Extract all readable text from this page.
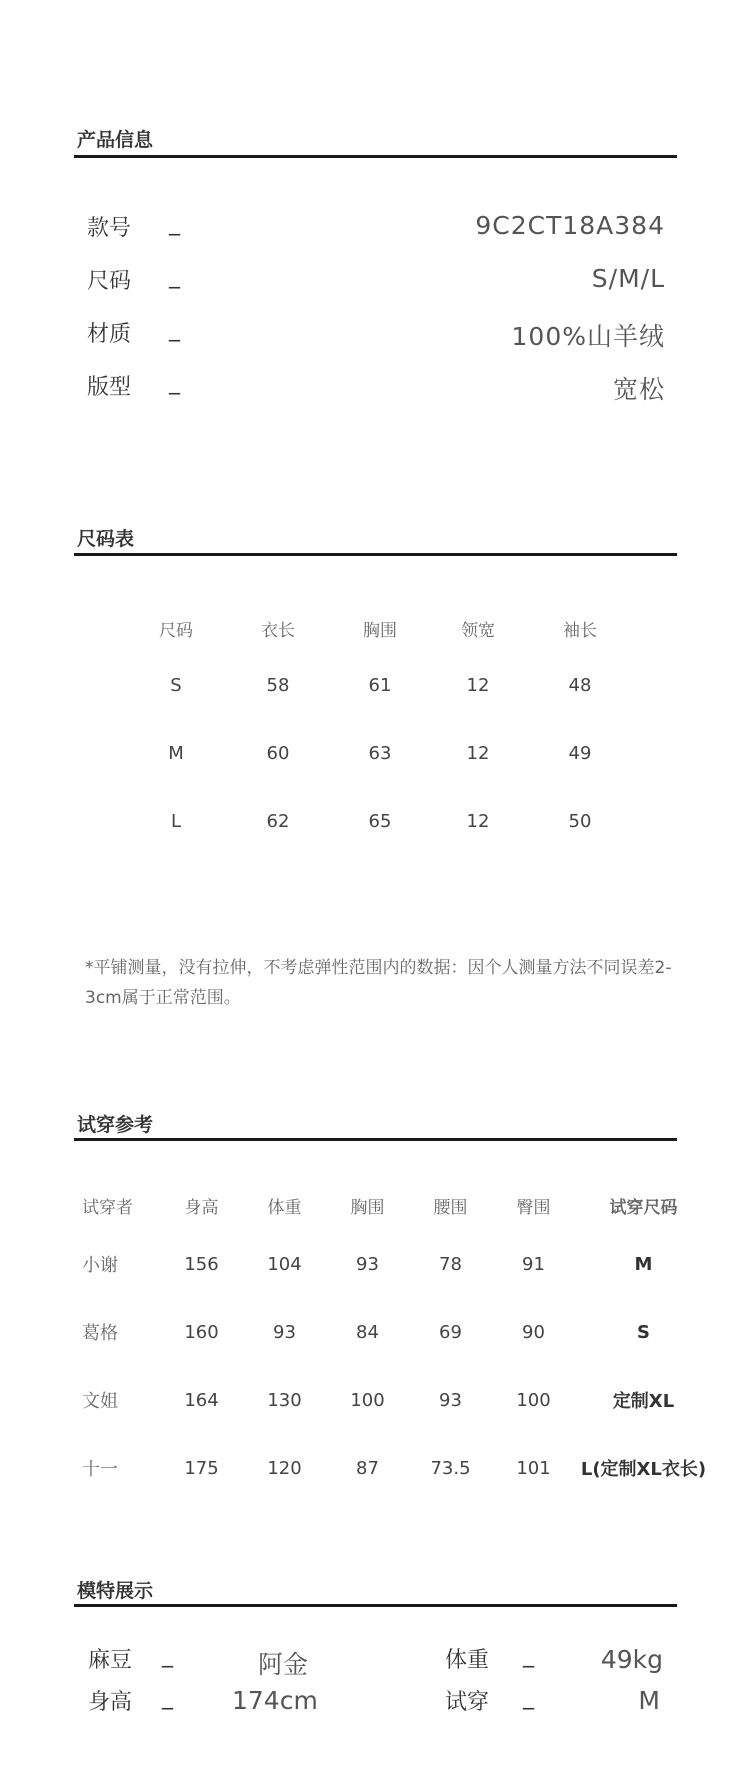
产品信息
款号 _	9C2CT18A384
尺码 _	S/M/L
材质 _	100%山羊绒
版型 _	宽松
尺码表
尺码	衣长	胸围	领宽	袖长
S	58	61	12	48
M	60	63	12	49
L	62	65	12	50
*平铺测量，没有拉伸，不考虑弹性范围内的数据：因个人测量方法不同误差2-3cm属于正常范围。
试穿参考
试穿者	身高	体重	胸围	腰围	臀围	试穿尺码
小谢	156	104	93	78	91	M
葛格	160	93	84	69	90	S
文姐	164	130	100	93	100	定制XL
十一	175	120	87	73.5	101	L(定制XL衣长)
模特展示
麻豆 _	阿金	体重 _	49kg
身高 _ 174cm	试穿 _	M
